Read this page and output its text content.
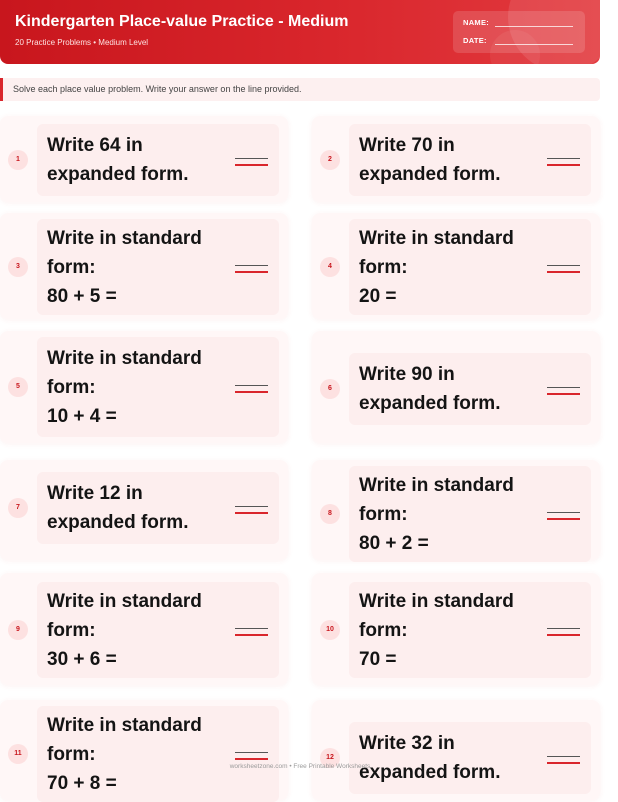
Kindergarten Place-value Practice - Medium
20 Practice Problems • Medium Level
NAME:
DATE:
Solve each place value problem. Write your answer on the line provided.
1
Write 64 in
expanded form.
2
Write 70 in
expanded form.
3
Write in standard
form:
80 + 5 =
4
Write in standard
form:
20 =
5
Write in standard
form:
10 + 4 =
6
Write 90 in
expanded form.
7
Write 12 in
expanded form.	8
Write in standard
form:
80 + 2 =
9
Write in standard
form:
30 + 6 =
10
Write in standard
form:
70 =
11
Write in standard
form:
70 + 8 =
12
Write 32 in
expanded form.
worksheetzone.com • Free Printable Worksheets
